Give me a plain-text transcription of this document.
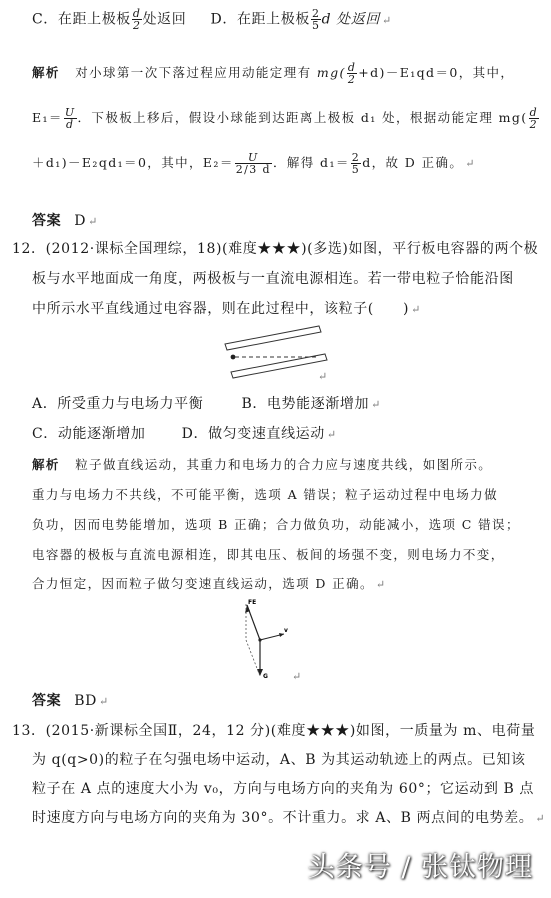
C．在距上极板 $\frac{d}{2}$ 处返回 D．在距上极板 $\frac{2}{5}$ d 处返回 ↵
解析 对小球第一次下落过程应用动能定理有 $mg( \frac{d}{2} +d)-E_1qd=0$，其中，
$E_1= \frac{U}{d}$ ．下极板上移后，假设小球能到达距离上极板 d₁ 处，根据动能定理 $mg( \frac{d}{2}$
＋d₁)－E₂qd₁＝0，其中，$E_2= \frac{U}{2/3 d}$ ．解得 $d_1= \frac{2}{5}$ d，故 D 正确。 ↵
答案 D ↵
12．(2012·课标全国理综，18)(难度★★★)(多选)如图，平行板电容器的两个极
板与水平地面成一角度，两极板与一直流电源相连。若一带电粒子恰能沿图
中所示水平直线通过电容器，则在此过程中，该粒子(　　) ↵
↵
A．所受重力与电场力平衡	B．电势能逐渐增加 ↵
C．动能逐渐增加	D．做匀变速直线运动 ↵
解析 粒子做直线运动，其重力和电场力的合力应与速度共线，如图所示。
重力与电场力不共线，不可能平衡，选项 A 错误；粒子运动过程中电场力做
负功，因而电势能增加，选项 B 正确；合力做负功，动能减小，选项 C 错误；
电容器的极板与直流电源相连，即其电压、板间的场强不变，则电场力不变，
合力恒定，因而粒子做匀变速直线运动，选项 D 正确。 ↵
FE
v
G ↵
答案 BD ↵
13．(2015·新课标全国Ⅱ，24，12 分)(难度★★★)如图，一质量为 m、电荷量
为 q(q>0)的粒子在匀强电场中运动，A、B 为其运动轨迹上的两点。已知该
粒子在 A 点的速度大小为 v₀，方向与电场方向的夹角为 60°；它运动到 B 点
时速度方向与电场方向的夹角为 30°。不计重力。求 A、B 两点间的电势差。 ↵
头条号 / 张钛物理
